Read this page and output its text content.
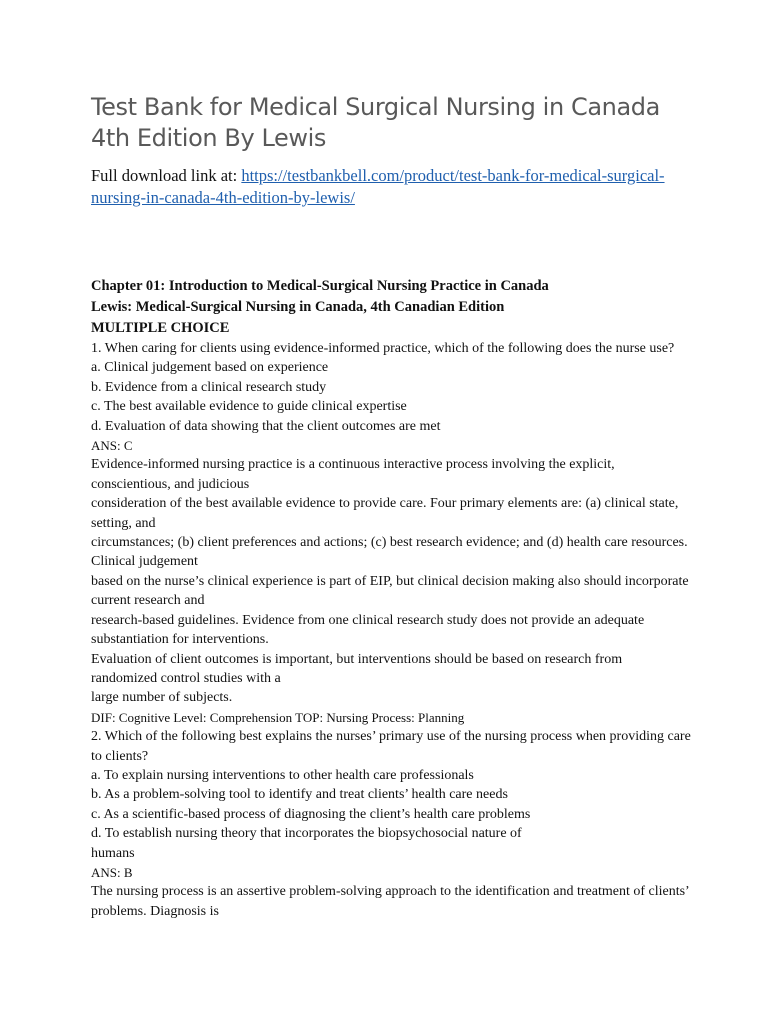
Test Bank for Medical Surgical Nursing in Canada 4th Edition By Lewis

Full download link at: https://testbankbell.com/product/test-bank-for-medical-surgical-nursing-in-canada-4th-edition-by-lewis/

Chapter 01: Introduction to Medical-Surgical Nursing Practice in Canada

Lewis: Medical-Surgical Nursing in Canada, 4th Canadian Edition

MULTIPLE CHOICE

1. When caring for clients using evidence-informed practice, which of the following does the nurse use?

a. Clinical judgement based on experience

b. Evidence from a clinical research study

c. The best available evidence to guide clinical expertise

d. Evaluation of data showing that the client outcomes are met

ANS: C

Evidence-informed nursing practice is a continuous interactive process involving the explicit, conscientious, and judicious

consideration of the best available evidence to provide care. Four primary elements are: (a) clinical state, setting, and

circumstances; (b) client preferences and actions; (c) best research evidence; and (d) health care resources. Clinical judgement

based on the nurse’s clinical experience is part of EIP, but clinical decision making also should incorporate current research and

research-based guidelines. Evidence from one clinical research study does not provide an adequate substantiation for interventions.

Evaluation of client outcomes is important, but interventions should be based on research from randomized control studies with a

large number of subjects.

DIF: Cognitive Level: Comprehension TOP: Nursing Process: Planning

2. Which of the following best explains the nurses’ primary use of the nursing process when providing care to clients?

a. To explain nursing interventions to other health care professionals

b. As a problem-solving tool to identify and treat clients’ health care needs

c. As a scientific-based process of diagnosing the client’s health care problems

d. To establish nursing theory that incorporates the biopsychosocial nature of

humans

ANS: B

The nursing process is an assertive problem-solving approach to the identification and treatment of clients’ problems. Diagnosis is
